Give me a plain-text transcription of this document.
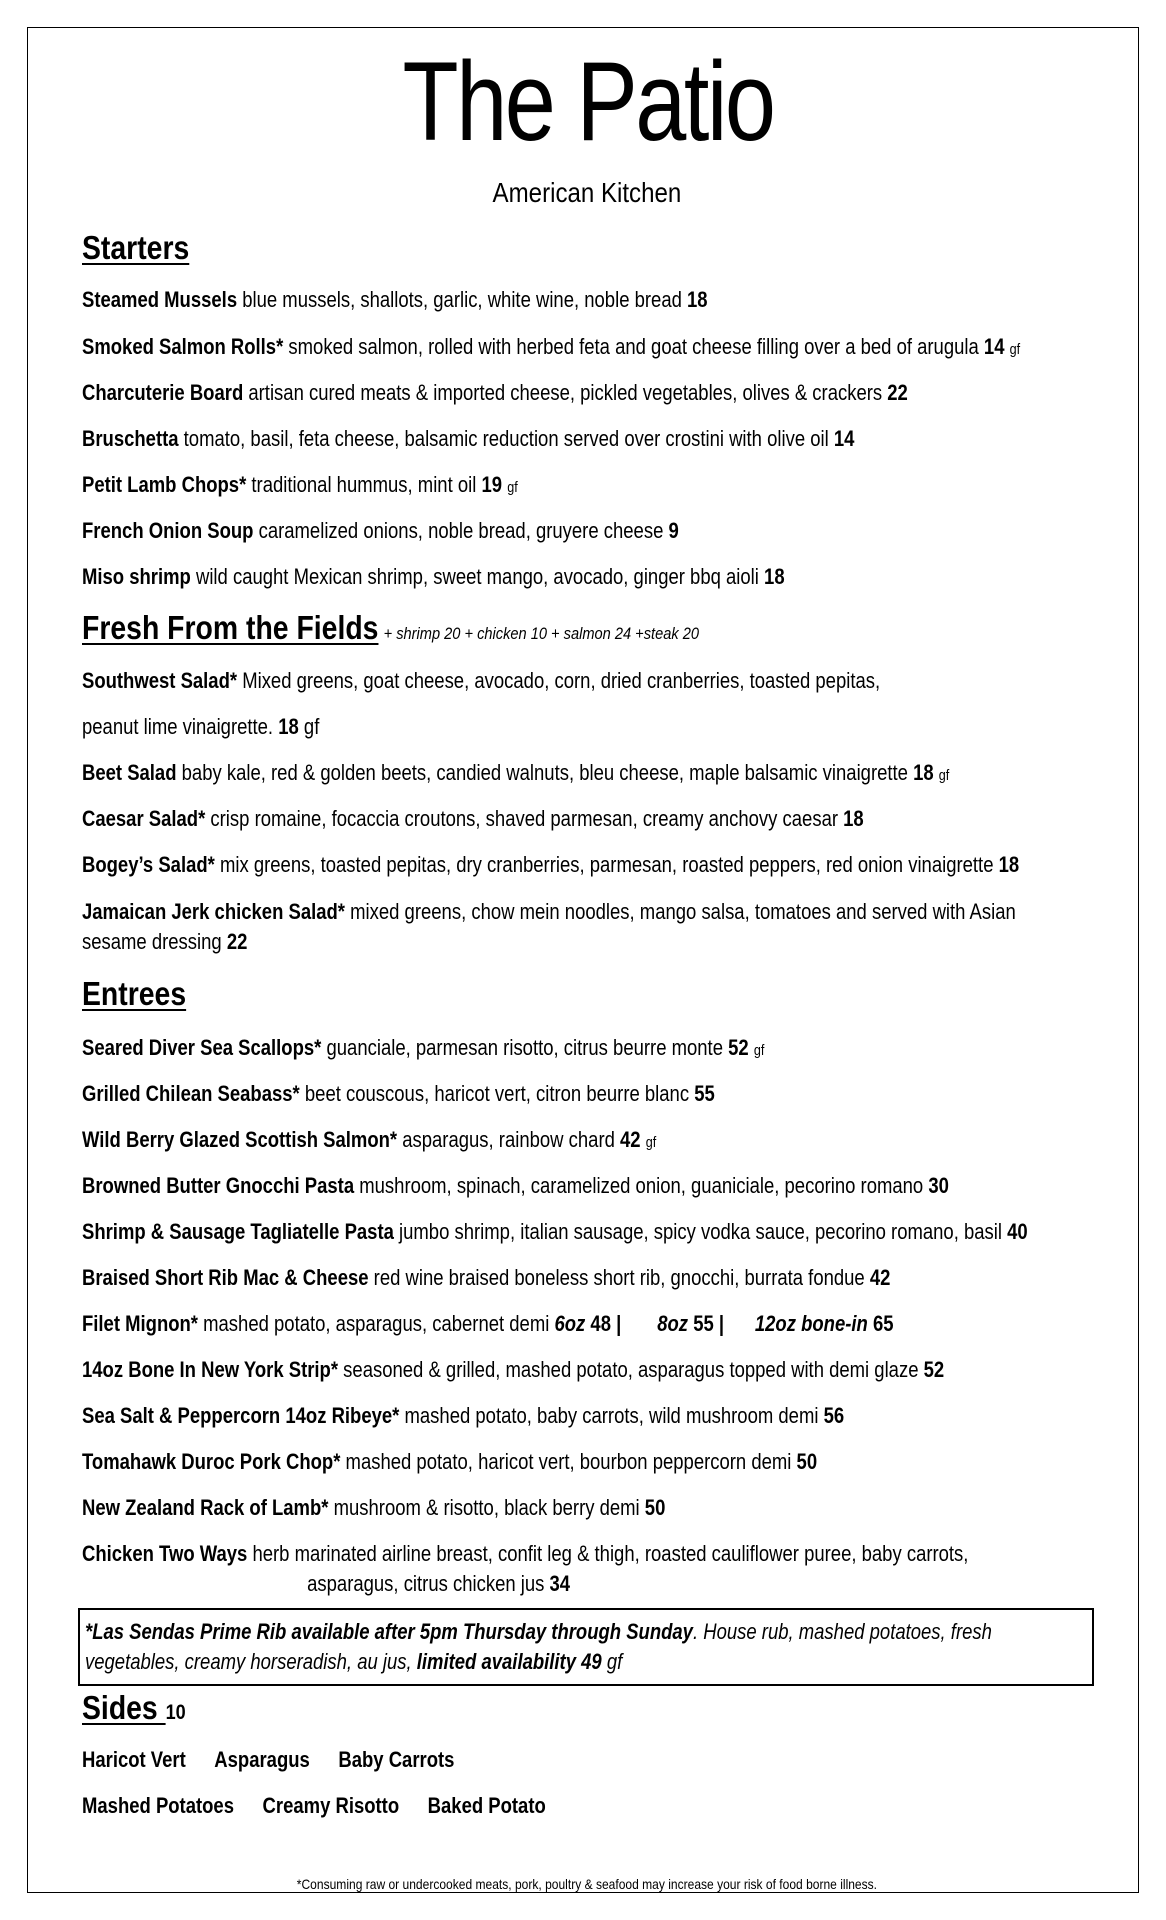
The Patio
American Kitchen
Starters
Steamed Mussels blue mussels, shallots, garlic, white wine, noble bread 18
Smoked Salmon Rolls* smoked salmon, rolled with herbed feta and goat cheese filling over a bed of arugula 14 gf
Charcuterie Board artisan cured meats & imported cheese, pickled vegetables, olives & crackers 22
Bruschetta tomato, basil, feta cheese, balsamic reduction served over crostini with olive oil 14
Petit Lamb Chops* traditional hummus, mint oil 19 gf
French Onion Soup caramelized onions, noble bread, gruyere cheese 9
Miso shrimp wild caught Mexican shrimp, sweet mango, avocado, ginger bbq aioli 18
Fresh From the Fields + shrimp 20 + chicken 10 + salmon 24 +steak 20
Southwest Salad* Mixed greens, goat cheese, avocado, corn, dried cranberries, toasted pepitas,
peanut lime vinaigrette. 18 gf
Beet Salad baby kale, red & golden beets, candied walnuts, bleu cheese, maple balsamic vinaigrette 18 gf
Caesar Salad* crisp romaine, focaccia croutons, shaved parmesan, creamy anchovy caesar 18
Bogey’s Salad* mix greens, toasted pepitas, dry cranberries, parmesan, roasted peppers, red onion vinaigrette 18
Jamaican Jerk chicken Salad* mixed greens, chow mein noodles, mango salsa, tomatoes and served with Asian
sesame dressing 22
Entrees
Seared Diver Sea Scallops* guanciale, parmesan risotto, citrus beurre monte 52 gf
Grilled Chilean Seabass* beet couscous, haricot vert, citron beurre blanc 55
Wild Berry Glazed Scottish Salmon* asparagus, rainbow chard 42 gf
Browned Butter Gnocchi Pasta mushroom, spinach, caramelized onion, guaniciale, pecorino romano 30
Shrimp & Sausage Tagliatelle Pasta jumbo shrimp, italian sausage, spicy vodka sauce, pecorino romano, basil 40
Braised Short Rib Mac & Cheese red wine braised boneless short rib, gnocchi, burrata fondue 42
Filet Mignon* mashed potato, asparagus, cabernet demi 6oz 48 | 8oz 55 | 12oz bone-in 65
14oz Bone In New York Strip* seasoned & grilled, mashed potato, asparagus topped with demi glaze 52
Sea Salt & Peppercorn 14oz Ribeye* mashed potato, baby carrots, wild mushroom demi 56
Tomahawk Duroc Pork Chop* mashed potato, haricot vert, bourbon peppercorn demi 50
New Zealand Rack of Lamb* mushroom & risotto, black berry demi 50
Chicken Two Ways herb marinated airline breast, confit leg & thigh, roasted cauliflower puree, baby carrots,
asparagus, citrus chicken jus 34
*Las Sendas Prime Rib available after 5pm Thursday through Sunday. House rub, mashed potatoes, fresh
vegetables, creamy horseradish, au jus, limited availability 49 gf
Sides 10
Haricot Vert Asparagus Baby Carrots
Mashed Potatoes Creamy Risotto Baked Potato
*Consuming raw or undercooked meats, pork, poultry & seafood may increase your risk of food borne illness.
